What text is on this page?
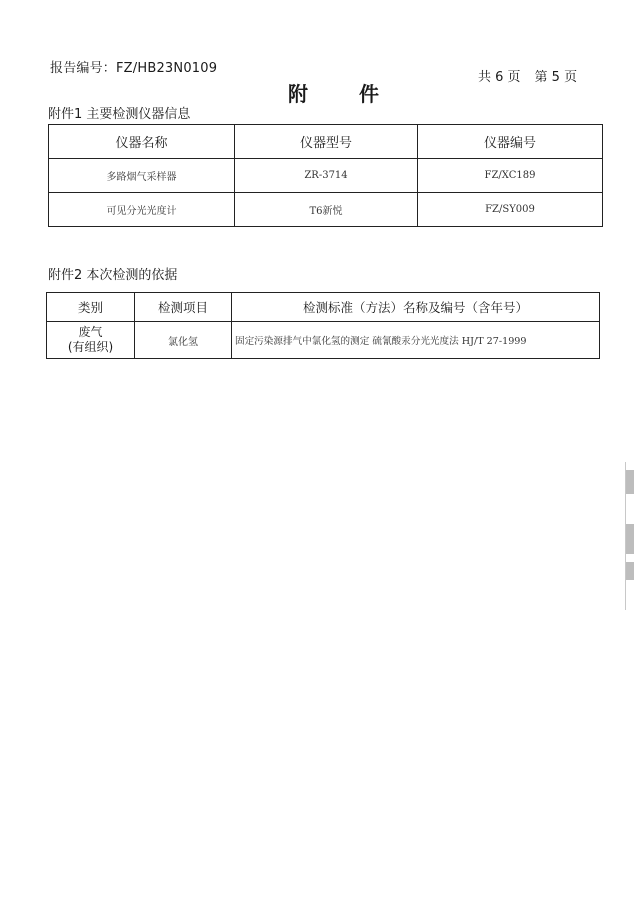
报告编号：FZ/HB23N0109
共 6 页 第 5 页
附 件
附件1 主要检测仪器信息
仪器名称	仪器型号	仪器编号
多路烟气采样器	ZR-3714	FZ/XC189
可见分光光度计	T6新悦	FZ/SY009
附件2 本次检测的依据
类别	检测项目	检测标准（方法）名称及编号（含年号）

废气
(有组织)	氯化氢	固定污染源排气中氯化氢的测定 硫氰酸汞分光光度法 HJ/T 27-1999
